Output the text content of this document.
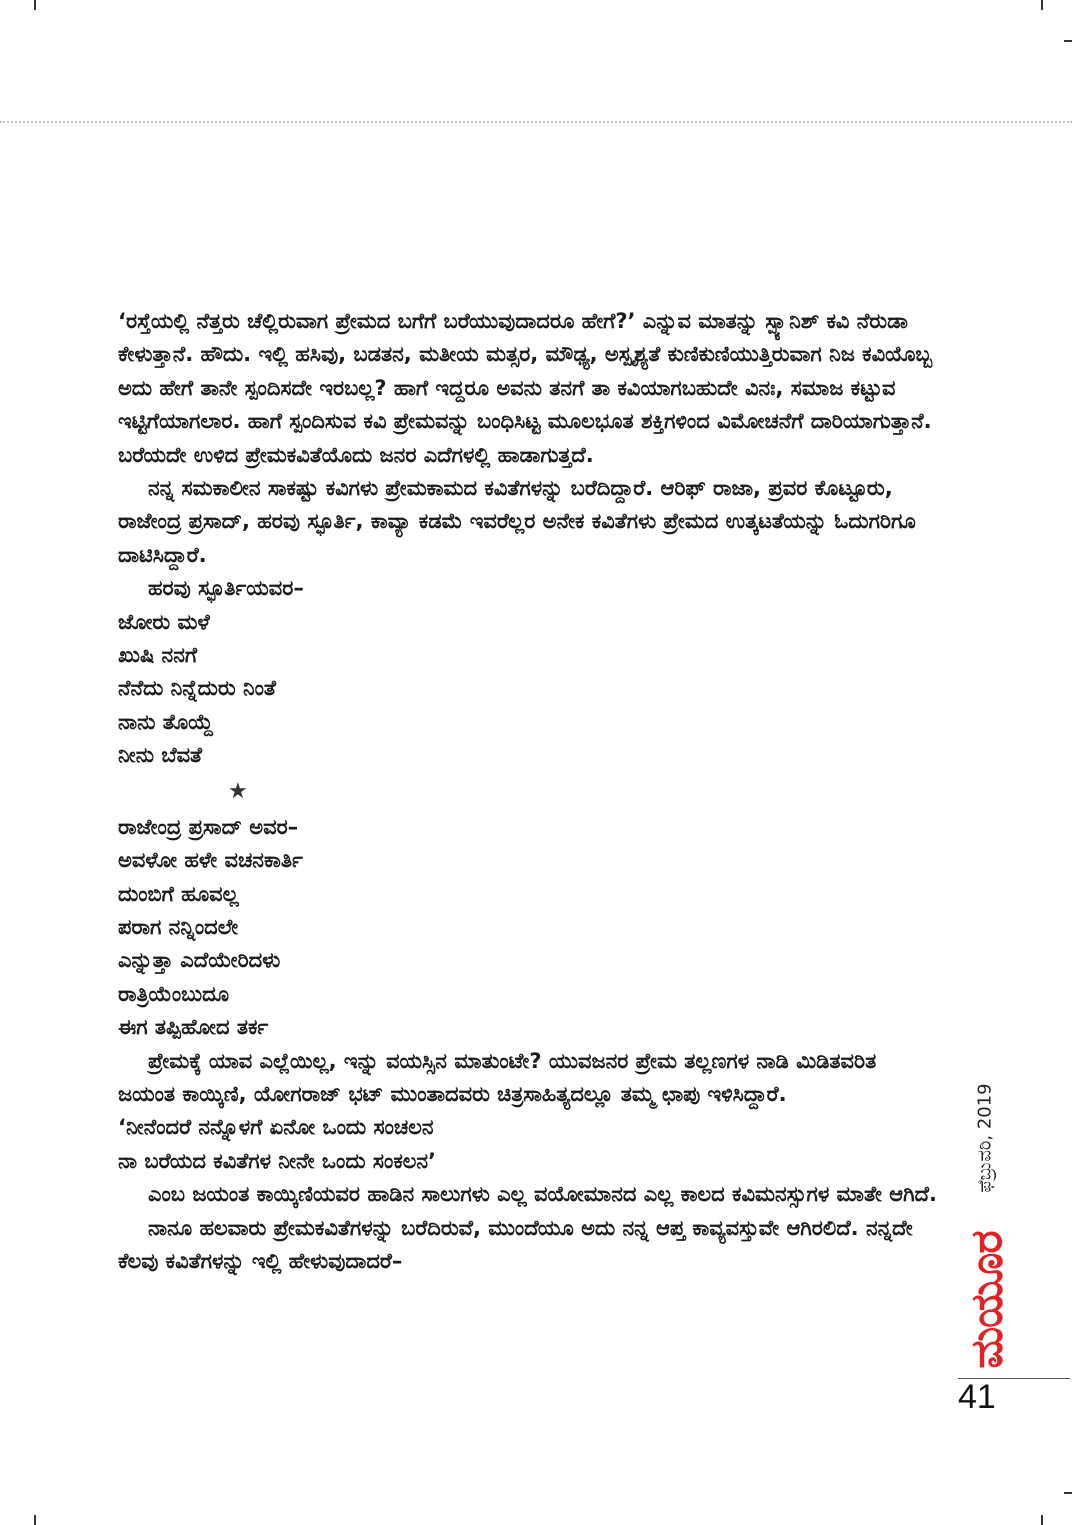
‘ರಸ್ತೆಯಲ್ಲಿ ನೆತ್ತರು ಚೆಲ್ಲಿರುವಾಗ ಪ್ರೇಮದ ಬಗೆಗೆ ಬರೆಯುವುದಾದರೂ ಹೇಗೆ?’ ಎನ್ನುವ ಮಾತನ್ನು ಸ್ಪ್ಯಾನಿಶ್ ಕವಿ ನೆರುಡಾ ಕೇಳುತ್ತಾನೆ. ಹೌದು. ಇಲ್ಲಿ ಹಸಿವು, ಬಡತನ, ಮತೀಯ ಮತ್ಸರ, ಮೌಢ್ಯ, ಅಸ್ಪೃಶ್ಯತೆ ಕುಣಿಕುಣಿಯುತ್ತಿರುವಾಗ ನಿಜ ಕವಿಯೊಬ್ಬ ಅದು ಹೇಗೆ ತಾನೇ ಸ್ಪಂದಿಸದೇ ಇರಬಲ್ಲ? ಹಾಗೆ ಇದ್ದರೂ ಅವನು ತನಗೆ ತಾ ಕವಿಯಾಗಬಹುದೇ ವಿನಃ, ಸಮಾಜ ಕಟ್ಟುವ ಇಟ್ಟಿಗೆಯಾಗಲಾರ. ಹಾಗೆ ಸ್ಪಂದಿಸುವ ಕವಿ ಪ್ರೇಮವನ್ನು ಬಂಧಿಸಿಟ್ಟ ಮೂಲಭೂತ ಶಕ್ತಿಗಳಿಂದ ವಿಮೋಚನೆಗೆ ದಾರಿಯಾಗುತ್ತಾನೆ. ಬರೆಯದೇ ಉಳಿದ ಪ್ರೇಮಕವಿತೆಯೊದು ಜನರ ಎದೆಗಳಲ್ಲಿ ಹಾಡಾಗುತ್ತದೆ.

ನನ್ನ ಸಮಕಾಲೀನ ಸಾಕಷ್ಟು ಕವಿಗಳು ಪ್ರೇಮಕಾಮದ ಕವಿತೆಗಳನ್ನು ಬರೆದಿದ್ದಾರೆ. ಆರಿಫ್ ರಾಜಾ, ಪ್ರವರ ಕೊಟ್ಟೂರು, ರಾಜೇಂದ್ರ ಪ್ರಸಾದ್, ಹರವು ಸ್ಫೂರ್ತಿ, ಕಾವ್ಯಾ ಕಡಮೆ ಇವರೆಲ್ಲರ ಅನೇಕ ಕವಿತೆಗಳು ಪ್ರೇಮದ ಉತ್ಕಟತೆಯನ್ನು ಓದುಗರಿಗೂ ದಾಟಿಸಿದ್ದಾರೆ.

ಹರವು ಸ್ಫೂರ್ತಿಯವರ–

ಜೋರು ಮಳೆ
ಖುಷಿ ನನಗೆ
ನೆನೆದು ನಿನ್ನೆದುರು ನಿಂತೆ
ನಾನು ತೊಯ್ದೆ
ನೀನು ಬೆವತೆ
★
ರಾಜೇಂದ್ರ ಪ್ರಸಾದ್ ಅವರ–
ಅವಳೋ ಹಳೇ ವಚನಕಾರ್ತಿ
ದುಂಬಿಗೆ ಹೂವಲ್ಲ
ಪರಾಗ ನನ್ನಿಂದಲೇ
ಎನ್ನುತ್ತಾ ಎದೆಯೇರಿದಳು
ರಾತ್ರಿಯೆಂಬುದೂ
ಈಗ ತಪ್ಪಿಹೋದ ತರ್ಕ

ಪ್ರೇಮಕ್ಕೆ ಯಾವ ಎಲ್ಲೆಯಿಲ್ಲ, ಇನ್ನು ವಯಸ್ಸಿನ ಮಾತುಂಟೇ? ಯುವಜನರ ಪ್ರೇಮ ತಲ್ಲಣಗಳ ನಾಡಿ ಮಿಡಿತವರಿತ ಜಯಂತ ಕಾಯ್ಕಿಣಿ, ಯೋಗರಾಜ್ ಭಟ್ ಮುಂತಾದವರು ಚಿತ್ರಸಾಹಿತ್ಯದಲ್ಲೂ ತಮ್ಮ ಛಾಪು ಇಳಿಸಿದ್ದಾರೆ.

‘ನೀನೆಂದರೆ ನನ್ನೊಳಗೆ ಏನೋ ಒಂದು ಸಂಚಲನ
ನಾ ಬರೆಯದ ಕವಿತೆಗಳ ನೀನೇ ಒಂದು ಸಂಕಲನ’

ಎಂಬ ಜಯಂತ ಕಾಯ್ಕಿಣಿಯವರ ಹಾಡಿನ ಸಾಲುಗಳು ಎಲ್ಲ ವಯೋಮಾನದ ಎಲ್ಲ ಕಾಲದ ಕವಿಮನಸ್ಸುಗಳ ಮಾತೇ ಆಗಿದೆ.

ನಾನೂ ಹಲವಾರು ಪ್ರೇಮಕವಿತೆಗಳನ್ನು ಬರೆದಿರುವೆ, ಮುಂದೆಯೂ ಅದು ನನ್ನ ಆಪ್ತ ಕಾವ್ಯವಸ್ತುವೇ ಆಗಿರಲಿದೆ. ನನ್ನದೇ ಕೆಲವು ಕವಿತೆಗಳನ್ನು ಇಲ್ಲಿ ಹೇಳುವುದಾದರೆ–

ಫೆಬ್ರುವರಿ, 2019
ಮಯೂರ
41
